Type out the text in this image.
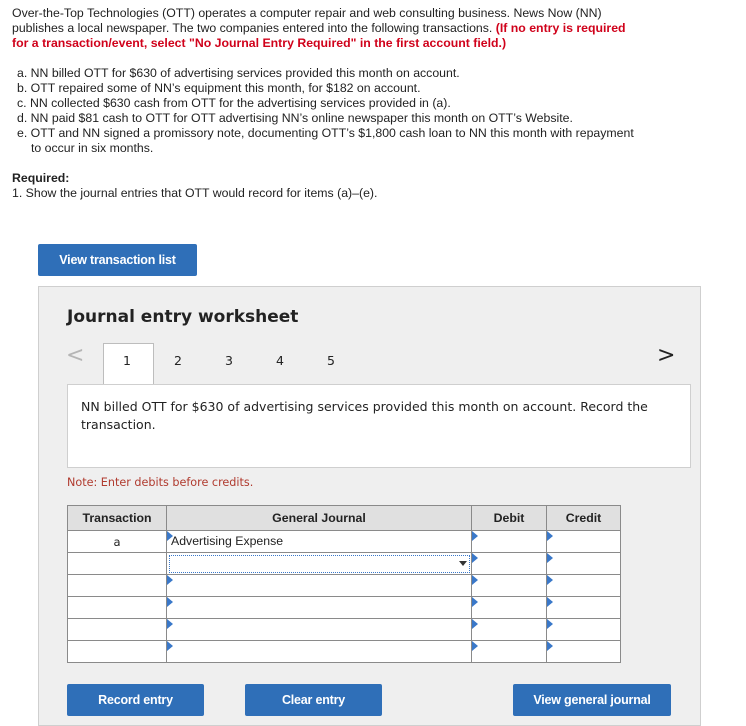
Over-the-Top Technologies (OTT) operates a computer repair and web consulting business. News Now (NN) publishes a local newspaper. The two companies entered into the following transactions. (If no entry is required for a transaction/event, select "No Journal Entry Required" in the first account field.)
a. NN billed OTT for $630 of advertising services provided this month on account.
b. OTT repaired some of NN’s equipment this month, for $182 on account.
c. NN collected $630 cash from OTT for the advertising services provided in (a).
d. NN paid $81 cash to OTT for OTT advertising NN’s online newspaper this month on OTT’s Website.
e. OTT and NN signed a promissory note, documenting OTT’s $1,800 cash loan to NN this month with repayment to occur in six months.
Required:
1. Show the journal entries that OTT would record for items (a)–(e).
View transaction list
Journal entry worksheet
<	>
1	2	3	4	5
NN billed OTT for $630 of advertising services provided this month on account. Record the transaction.
Note: Enter debits before credits.
Transaction	General Journal	Debit	Credit
a	Advertising Expense		

Record entry	Clear entry	View general journal
